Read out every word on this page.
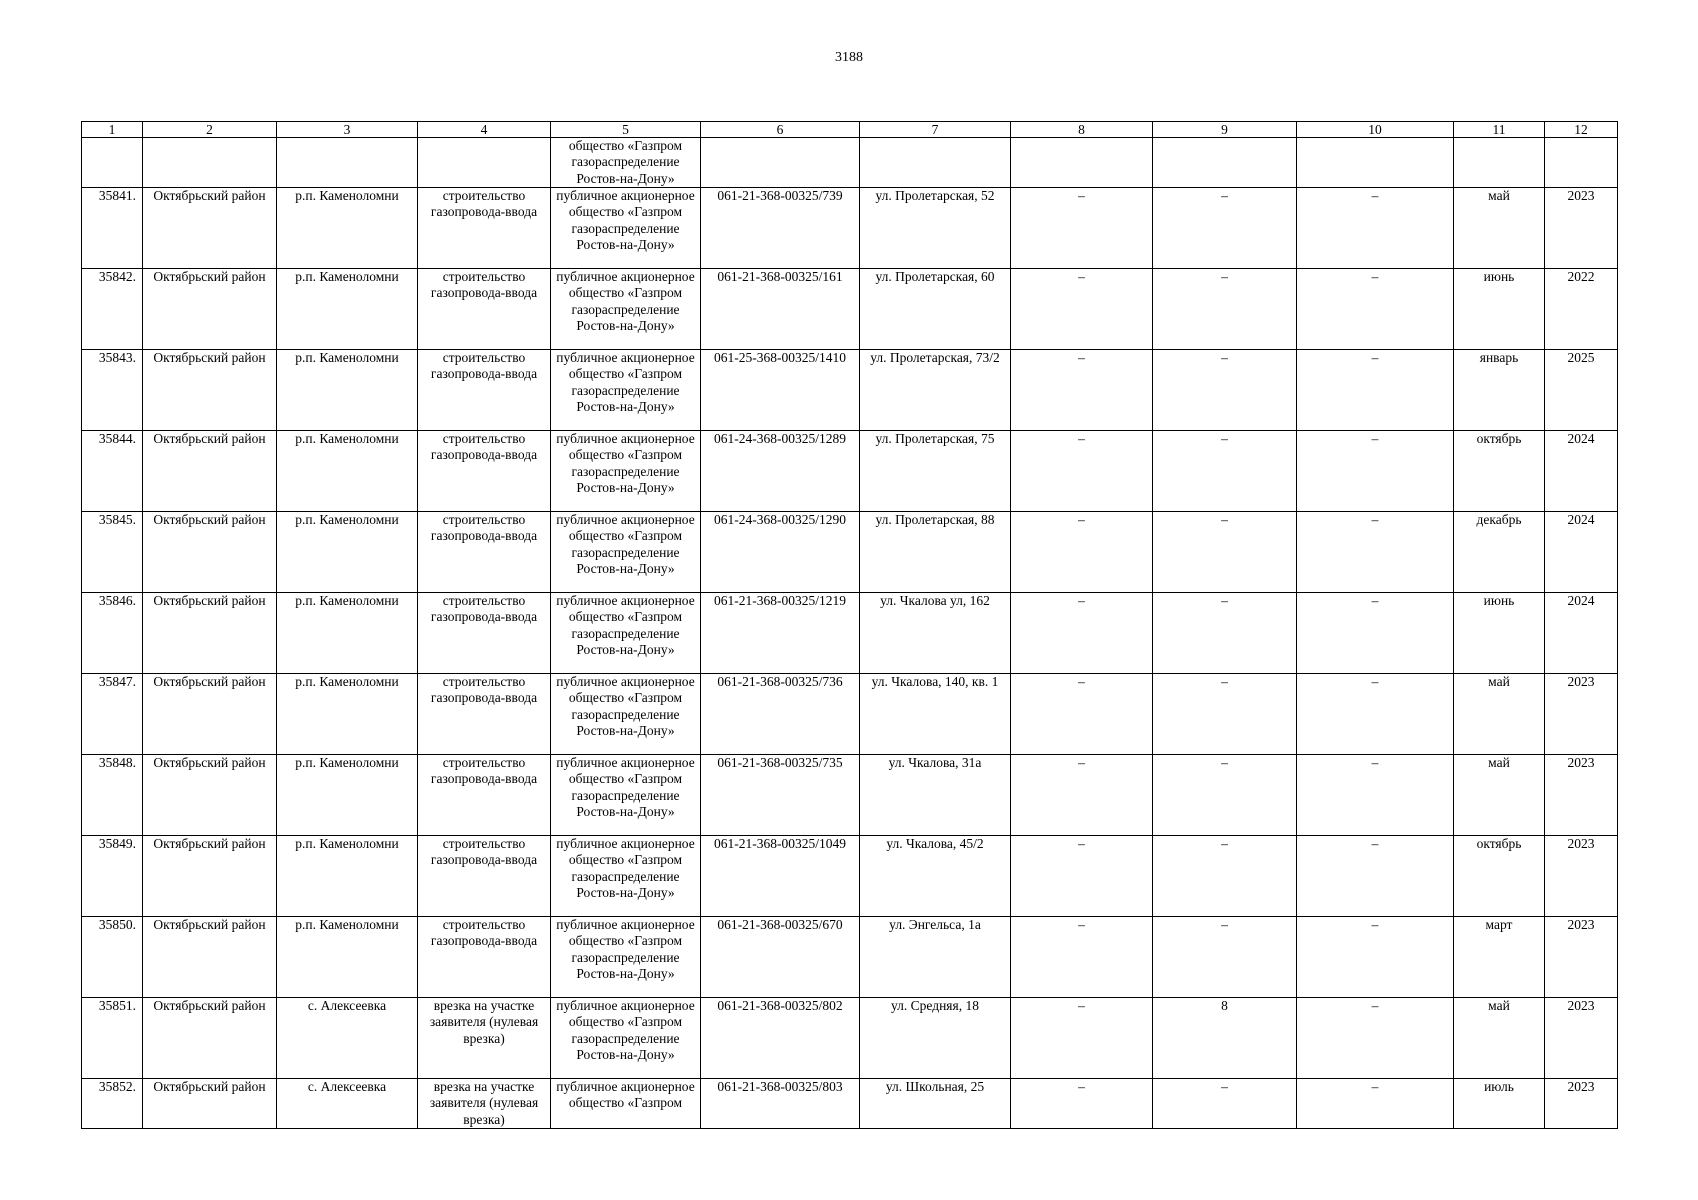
3188
1	2	3	4	5	6	7	8	9	10	11	12
				общество «Газпром газораспределение Ростов-на-Дону»							
35841.	Октябрьский район	р.п. Каменоломни	строительство газопровода-ввода	публичное акционерное общество «Газпром газораспределение Ростов-на-Дону»	061-21-368-00325/739	ул. Пролетарская, 52	–	–	–	май	2023
35842.	Октябрьский район	р.п. Каменоломни	строительство газопровода-ввода	публичное акционерное общество «Газпром газораспределение Ростов-на-Дону»	061-21-368-00325/161	ул. Пролетарская, 60	–	–	–	июнь	2022
35843.	Октябрьский район	р.п. Каменоломни	строительство газопровода-ввода	публичное акционерное общество «Газпром газораспределение Ростов-на-Дону»	061-25-368-00325/1410	ул. Пролетарская, 73/2	–	–	–	январь	2025
35844.	Октябрьский район	р.п. Каменоломни	строительство газопровода-ввода	публичное акционерное общество «Газпром газораспределение Ростов-на-Дону»	061-24-368-00325/1289	ул. Пролетарская, 75	–	–	–	октябрь	2024
35845.	Октябрьский район	р.п. Каменоломни	строительство газопровода-ввода	публичное акционерное общество «Газпром газораспределение Ростов-на-Дону»	061-24-368-00325/1290	ул. Пролетарская, 88	–	–	–	декабрь	2024
35846.	Октябрьский район	р.п. Каменоломни	строительство газопровода-ввода	публичное акционерное общество «Газпром газораспределение Ростов-на-Дону»	061-21-368-00325/1219	ул. Чкалова ул, 162	–	–	–	июнь	2024
35847.	Октябрьский район	р.п. Каменоломни	строительство газопровода-ввода	публичное акционерное общество «Газпром газораспределение Ростов-на-Дону»	061-21-368-00325/736	ул. Чкалова, 140, кв. 1	–	–	–	май	2023
35848.	Октябрьский район	р.п. Каменоломни	строительство газопровода-ввода	публичное акционерное общество «Газпром газораспределение Ростов-на-Дону»	061-21-368-00325/735	ул. Чкалова, 31а	–	–	–	май	2023
35849.	Октябрьский район	р.п. Каменоломни	строительство газопровода-ввода	публичное акционерное общество «Газпром газораспределение Ростов-на-Дону»	061-21-368-00325/1049	ул. Чкалова, 45/2	–	–	–	октябрь	2023
35850.	Октябрьский район	р.п. Каменоломни	строительство газопровода-ввода	публичное акционерное общество «Газпром газораспределение Ростов-на-Дону»	061-21-368-00325/670	ул. Энгельса, 1а	–	–	–	март	2023
35851.	Октябрьский район	с. Алексеевка	врезка на участке заявителя (нулевая врезка)	публичное акционерное общество «Газпром газораспределение Ростов-на-Дону»	061-21-368-00325/802	ул. Средняя, 18	–	8	–	май	2023
35852.	Октябрьский район	с. Алексеевка	врезка на участке заявителя (нулевая врезка)	публичное акционерное общество «Газпром	061-21-368-00325/803	ул. Школьная, 25	–	–	–	июль	2023
